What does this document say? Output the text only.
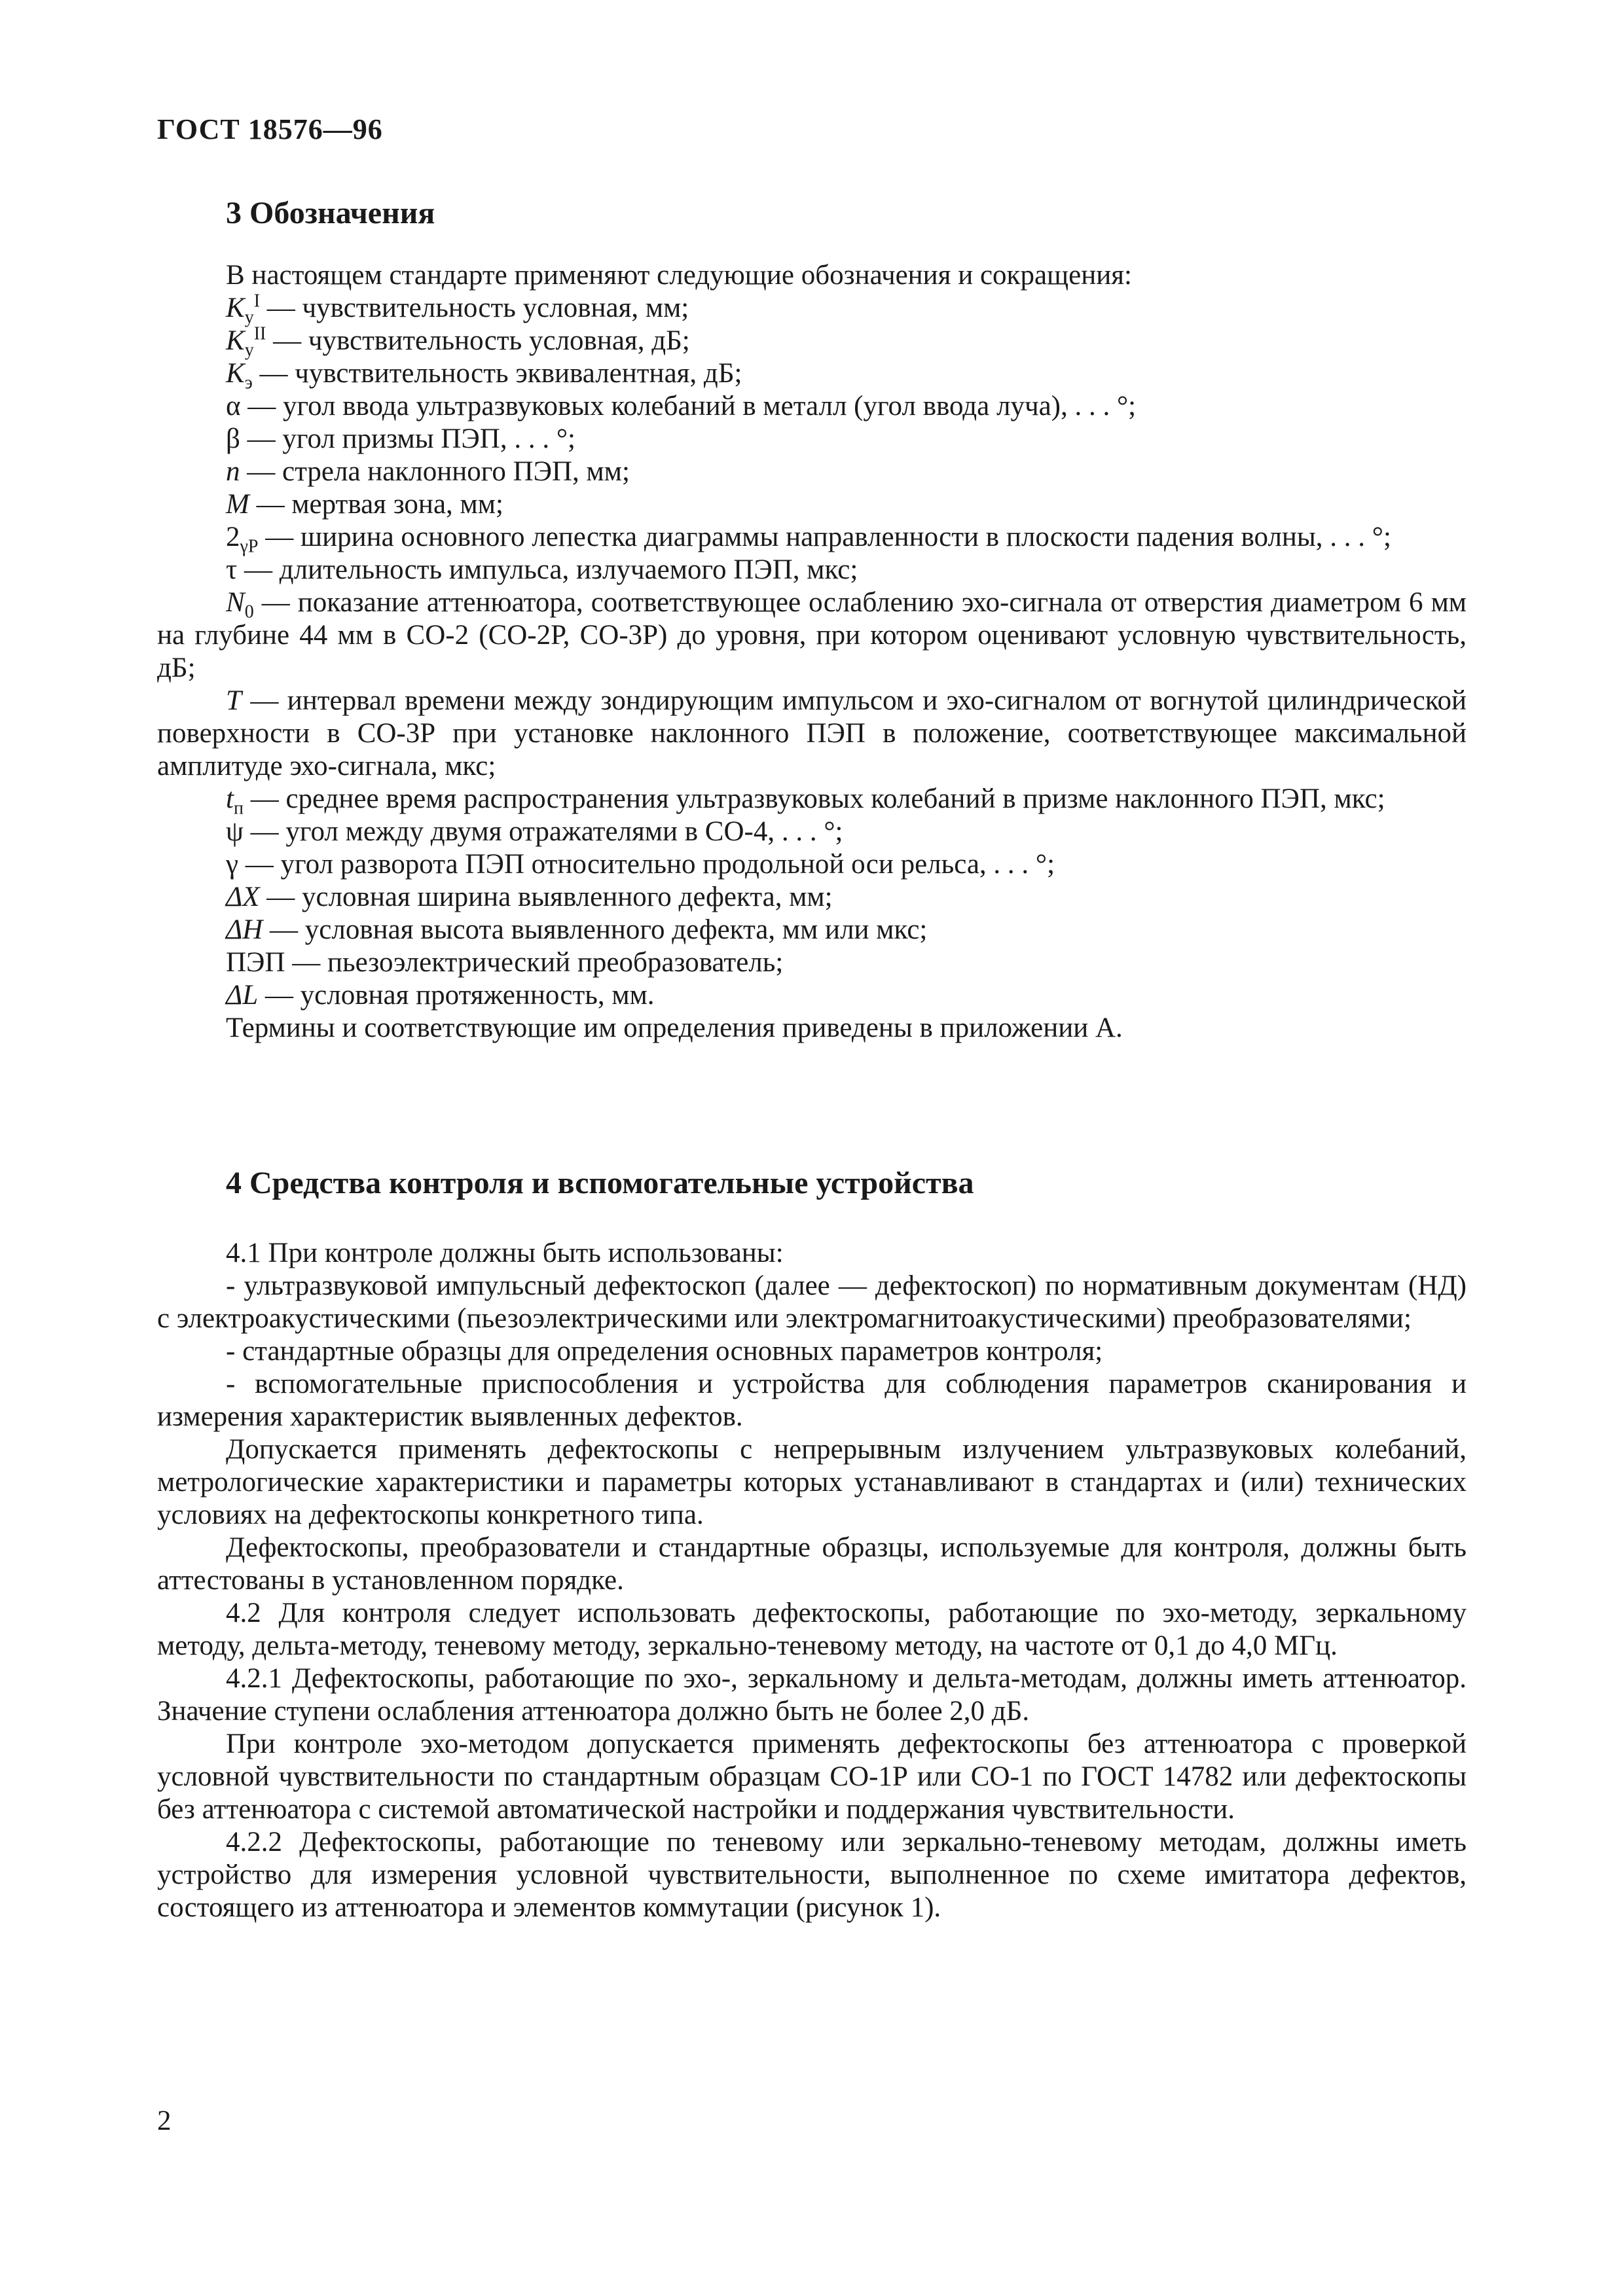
ГОСТ 18576—96
3 Обозначения

В настоящем стандарте применяют следующие обозначения и сокращения:

$K_у^I$ — чувствительность условная, мм;

$K_у^{II}$ — чувствительность условная, дБ;

$K_э$ — чувствительность эквивалентная, дБ;

α — угол ввода ультразвуковых колебаний в металл (угол ввода луча), . . . °;

β — угол призмы ПЭП, . . . °;

n — стрела наклонного ПЭП, мм;

M — мертвая зона, мм;

$2_{\gamma P}$ — ширина основного лепестка диаграммы направленности в плоскости падения волны, . . . °;

τ — длительность импульса, излучаемого ПЭП, мкс;

$N_0$ — показание аттенюатора, соответствующее ослаблению эхо-сигнала от отверстия диаметром 6 мм на глубине 44 мм в СО-2 (СО-2Р, СО-3Р) до уровня, при котором оценивают условную чувствительность, дБ;

T — интервал времени между зондирующим импульсом и эхо-сигналом от вогнутой цилиндрической поверхности в СО-3Р при установке наклонного ПЭП в положение, соответствующее максимальной амплитуде эхо-сигнала, мкс;

$t_п$ — среднее время распространения ультразвуковых колебаний в призме наклонного ПЭП, мкс;

ψ — угол между двумя отражателями в СО-4, . . . °;

γ — угол разворота ПЭП относительно продольной оси рельса, . . . °;

ΔX — условная ширина выявленного дефекта, мм;

ΔH — условная высота выявленного дефекта, мм или мкс;

ПЭП — пьезоэлектрический преобразователь;

ΔL — условная протяженность, мм.

Термины и соответствующие им определения приведены в приложении А.

4 Средства контроля и вспомогательные устройства

4.1 При контроле должны быть использованы:

- ультразвуковой импульсный дефектоскоп (далее — дефектоскоп) по нормативным документам (НД) с электроакустическими (пьезоэлектрическими или электромагнитоакустическими) преобразователями;

- стандартные образцы для определения основных параметров контроля;

- вспомогательные приспособления и устройства для соблюдения параметров сканирования и измерения характеристик выявленных дефектов.

Допускается применять дефектоскопы с непрерывным излучением ультразвуковых колебаний, метрологические характеристики и параметры которых устанавливают в стандартах и (или) технических условиях на дефектоскопы конкретного типа.

Дефектоскопы, преобразователи и стандартные образцы, используемые для контроля, должны быть аттестованы в установленном порядке.

4.2 Для контроля следует использовать дефектоскопы, работающие по эхо-методу, зеркальному методу, дельта-методу, теневому методу, зеркально-теневому методу, на частоте от 0,1 до 4,0 МГц.

4.2.1 Дефектоскопы, работающие по эхо-, зеркальному и дельта-методам, должны иметь аттенюатор. Значение ступени ослабления аттенюатора должно быть не более 2,0 дБ.

При контроле эхо-методом допускается применять дефектоскопы без аттенюатора с проверкой условной чувствительности по стандартным образцам СО-1Р или СО-1 по ГОСТ 14782 или дефектоскопы без аттенюатора с системой автоматической настройки и поддержания чувствительности.

4.2.2 Дефектоскопы, работающие по теневому или зеркально-теневому методам, должны иметь устройство для измерения условной чувствительности, выполненное по схеме имитатора дефектов, состоящего из аттенюатора и элементов коммутации (рисунок 1).

2
